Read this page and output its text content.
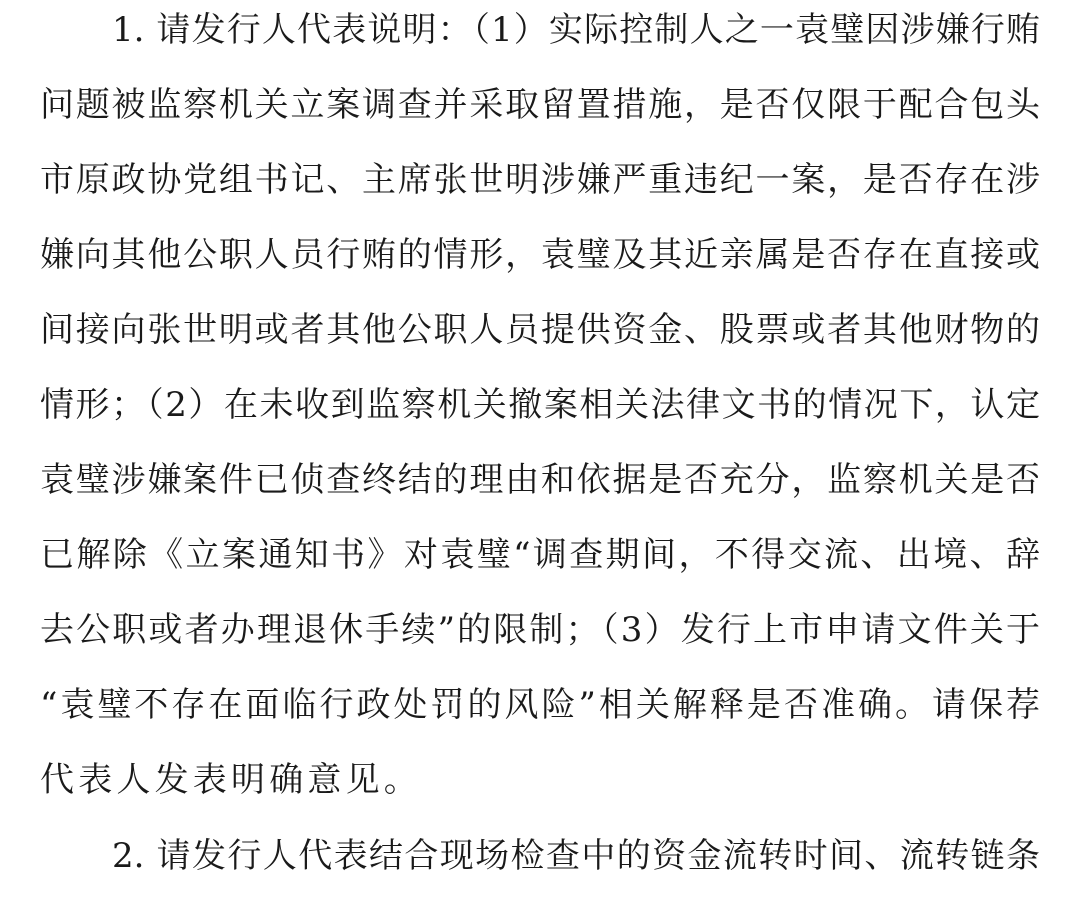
1. 请发行人代表说明：（1）实际控制人之一袁璧因涉嫌行贿
问题被监察机关立案调查并采取留置措施，是否仅限于配合包头
市原政协党组书记、主席张世明涉嫌严重违纪一案，是否存在涉
嫌向其他公职人员行贿的情形，袁璧及其近亲属是否存在直接或
间接向张世明或者其他公职人员提供资金、股票或者其他财物的
情形；（2）在未收到监察机关撤案相关法律文书的情况下，认定
袁璧涉嫌案件已侦查终结的理由和依据是否充分，监察机关是否
已解除《立案通知书》对袁璧“调查期间，不得交流、出境、辞
去公职或者办理退休手续”的限制；（3）发行上市申请文件关于
“袁璧不存在面临行政处罚的风险”相关解释是否准确。请保荐
代表人发表明确意见。
2. 请发行人代表结合现场检查中的资金流转时间、流转链条
